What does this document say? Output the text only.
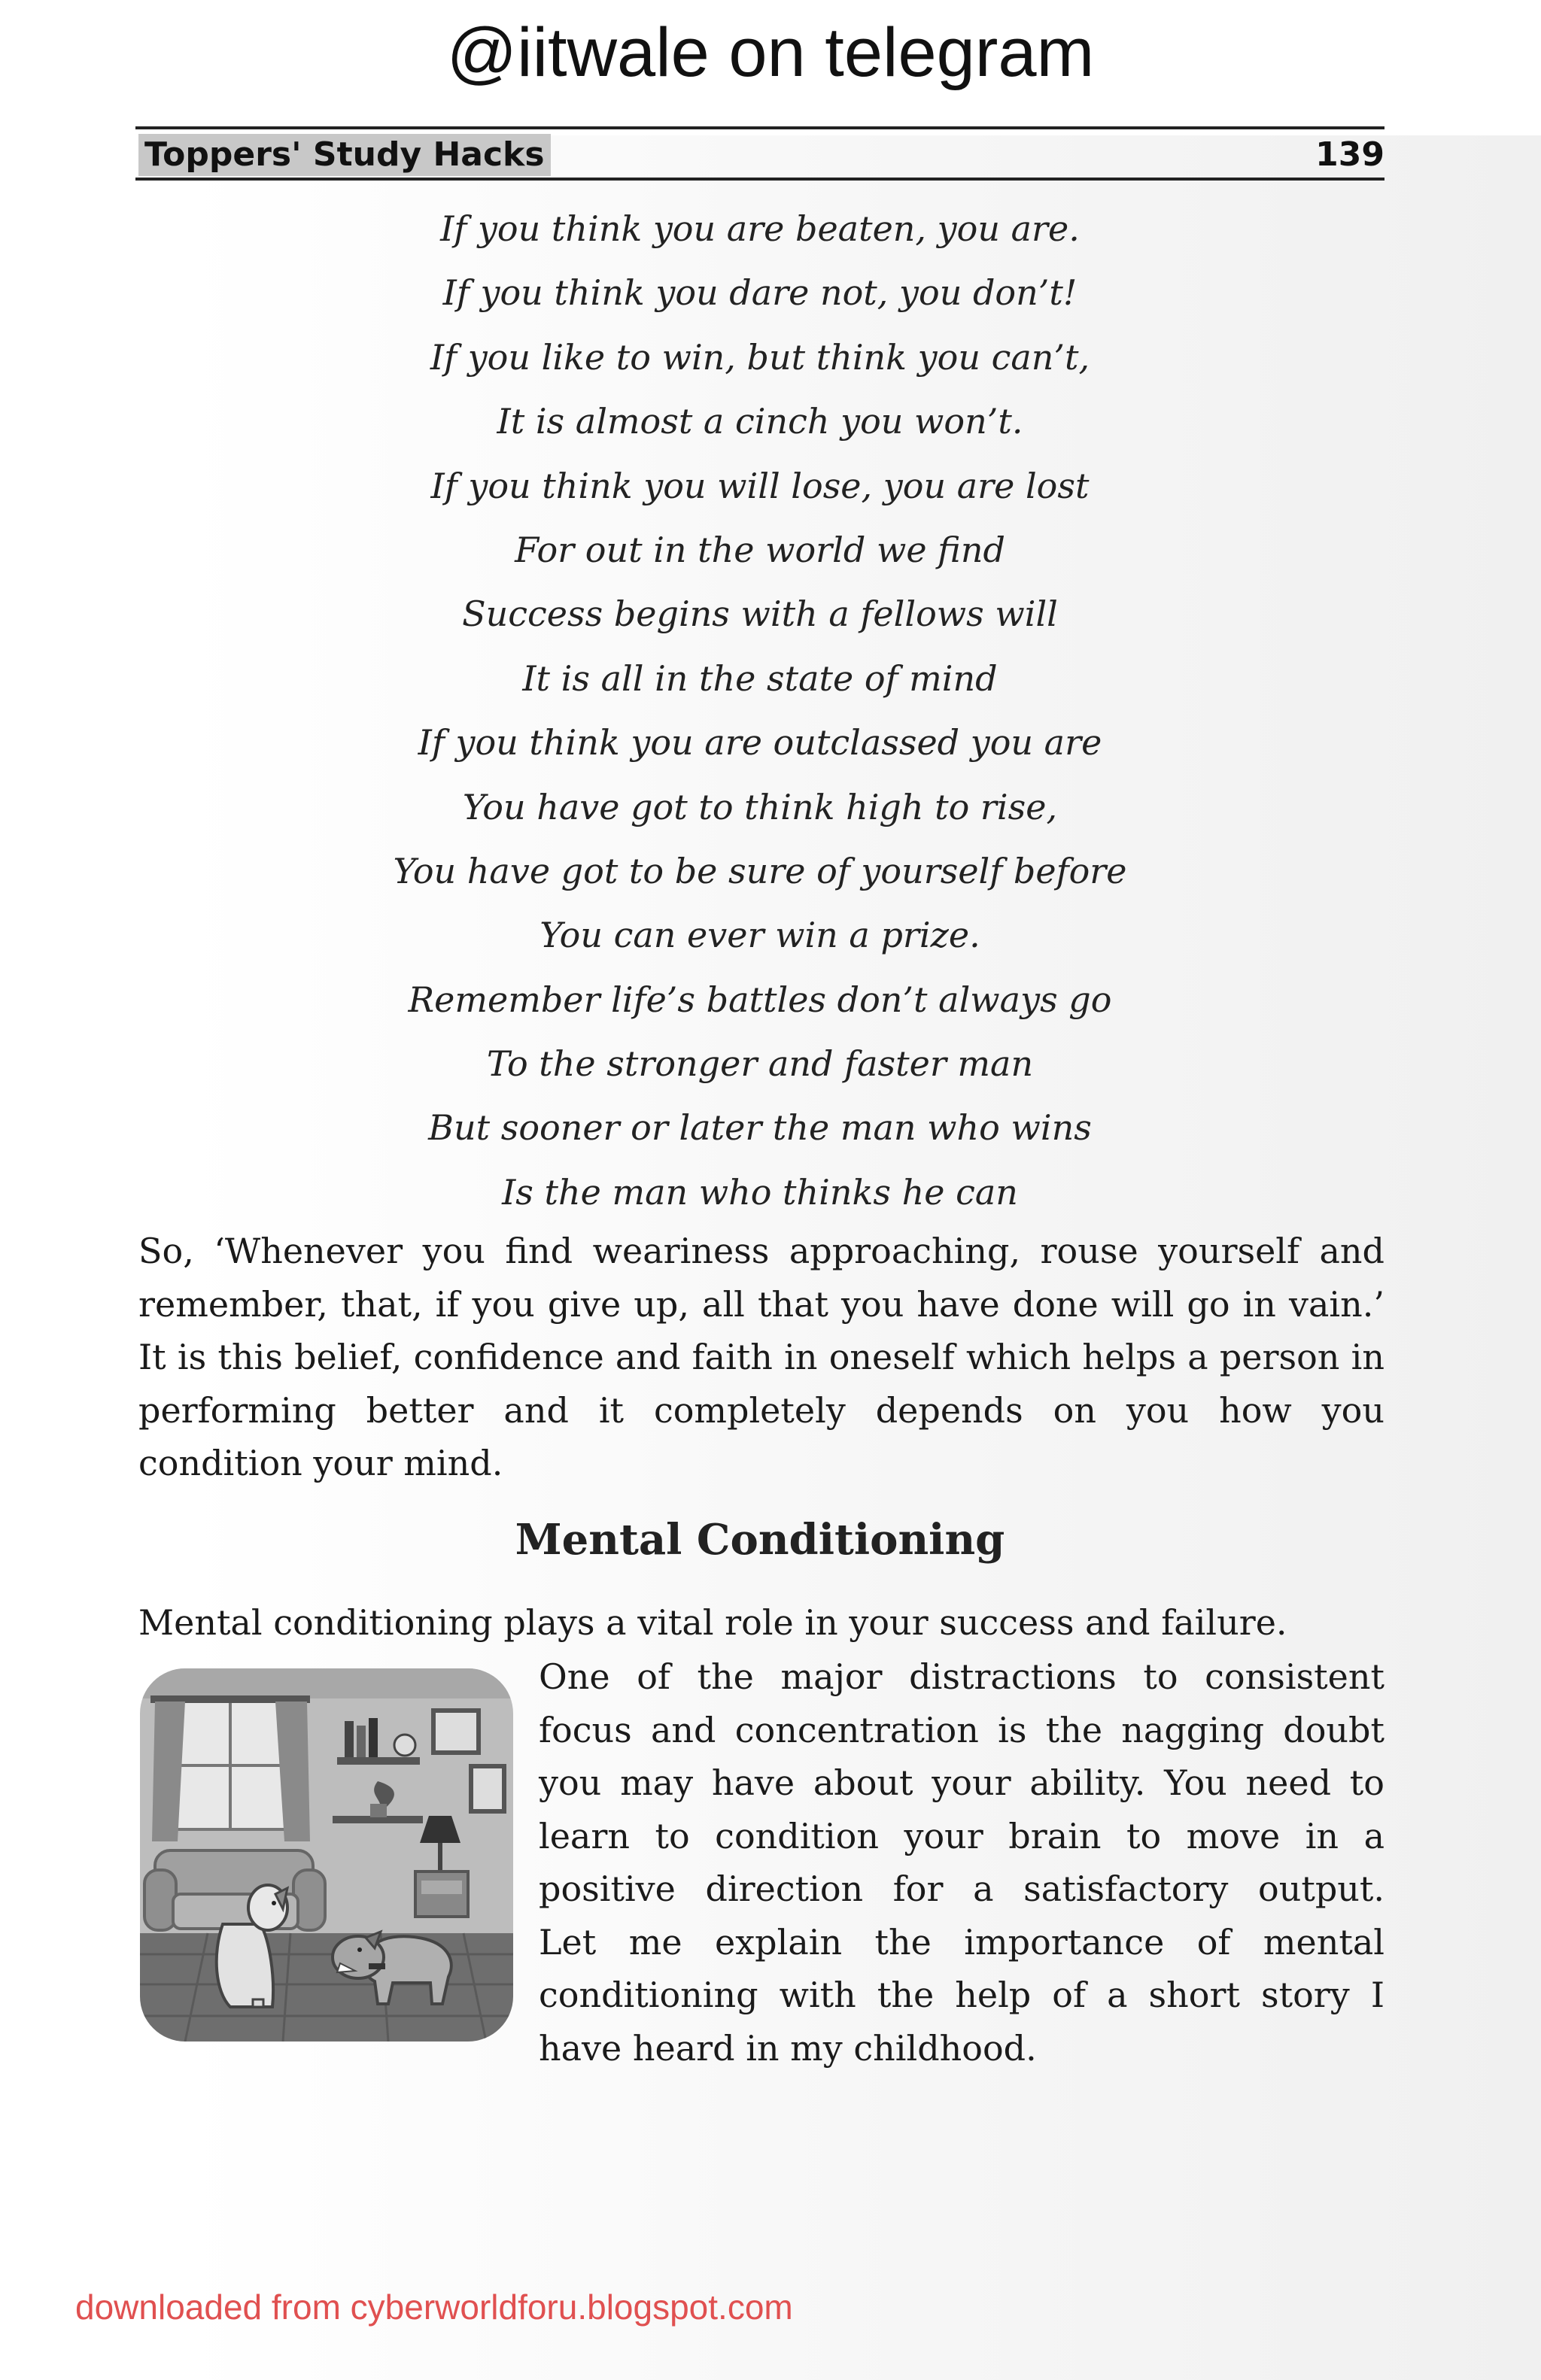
@iitwale on telegram
Toppers' Study Hacks	139
If you think you are beaten, you are.
If you think you dare not, you don’t!
If you like to win, but think you can’t,
It is almost a cinch you won’t.
If you think you will lose, you are lost
For out in the world we find
Success begins with a fellows will
It is all in the state of mind
If you think you are outclassed you are
You have got to think high to rise,
You have got to be sure of yourself before
You can ever win a prize.
Remember life’s battles don’t always go
To the stronger and faster man
But sooner or later the man who wins
Is the man who thinks he can
So, ‘Whenever you find weariness approaching, rouse yourself and remember, that, if you give up, all that you have done will go in vain.’ It is this belief, confidence and faith in oneself which helps a person in performing better and it completely depends on you how you condition your mind.
Mental Conditioning
Mental conditioning plays a vital role in your success and failure.
One of the major distractions to consistent
focus and concentration is the nagging doubt
you may have about your ability. You need to
learn to condition your brain to move in a
positive direction for a satisfactory output.
Let me explain the importance of mental
conditioning with the help of a short story I
have heard in my childhood.
downloaded from cyberworldforu.blogspot.com
